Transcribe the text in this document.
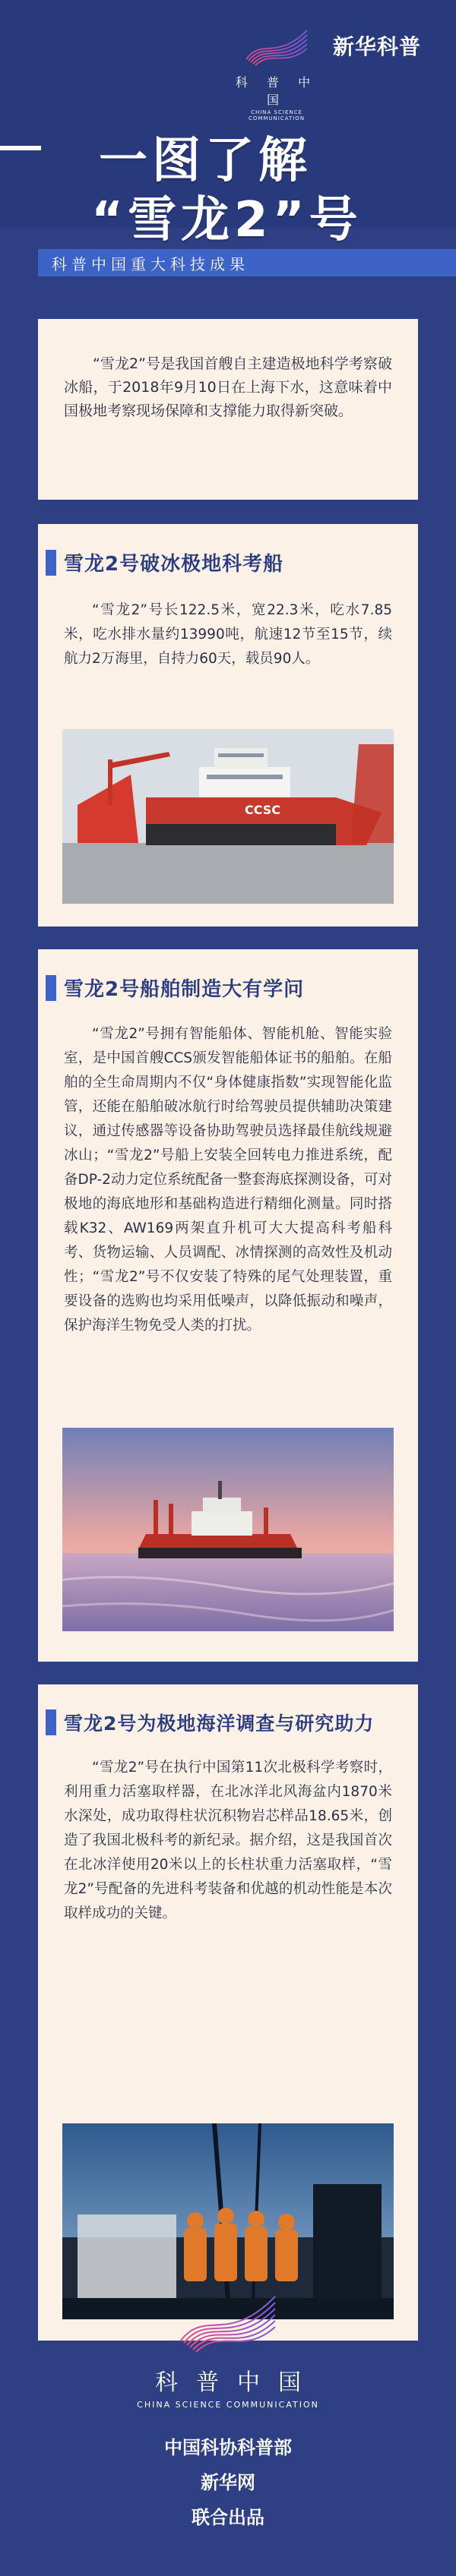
科 普 中 国
CHINA SCIENCE COMMUNICATION
新华科普
一图了解
“雪龙2”号
科普中国重大科技成果

“雪龙2”号是我国首艘自主建造极地科学考察破冰船，于2018年9月10日在上海下水，这意味着中国极地考察现场保障和支撑能力取得新突破。

雪龙2号破冰极地科考船

“雪龙2”号长122.5米，宽22.3米，吃水7.85米，吃水排水量约13990吨，航速12节至15节，续航力2万海里，自持力60天，载员90人。

CCSC
雪龙2号船舶制造大有学问

“雪龙2”号拥有智能船体、智能机舱、智能实验室，是中国首艘CCS颁发智能船体证书的船舶。在船舶的全生命周期内不仅“身体健康指数”实现智能化监管，还能在船舶破冰航行时给驾驶员提供辅助决策建议，通过传感器等设备协助驾驶员选择最佳航线规避冰山；“雪龙2”号船上安装全回转电力推进系统，配备DP-2动力定位系统配备一整套海底探测设备，可对极地的海底地形和基础构造进行精细化测量。同时搭载K32、AW169两架直升机可大大提高科考船科考、货物运输、人员调配、冰情探测的高效性及机动性；“雪龙2”号不仅安装了特殊的尾气处理装置，重要设备的选购也均采用低噪声，以降低振动和噪声，保护海洋生物免受人类的打扰。

雪龙2号为极地海洋调查与研究助力

“雪龙2”号在执行中国第11次北极科学考察时，利用重力活塞取样器，在北冰洋北风海盆内1870米水深处，成功取得柱状沉积物岩芯样品18.65米，创造了我国北极科考的新纪录。据介绍，这是我国首次在北冰洋使用20米以上的长柱状重力活塞取样，“雪龙2”号配备的先进科考装备和优越的机动性能是本次取样成功的关键。

科普中国
CHINA SCIENCE COMMUNICATION
中国科协科普部
新华网
联合出品
